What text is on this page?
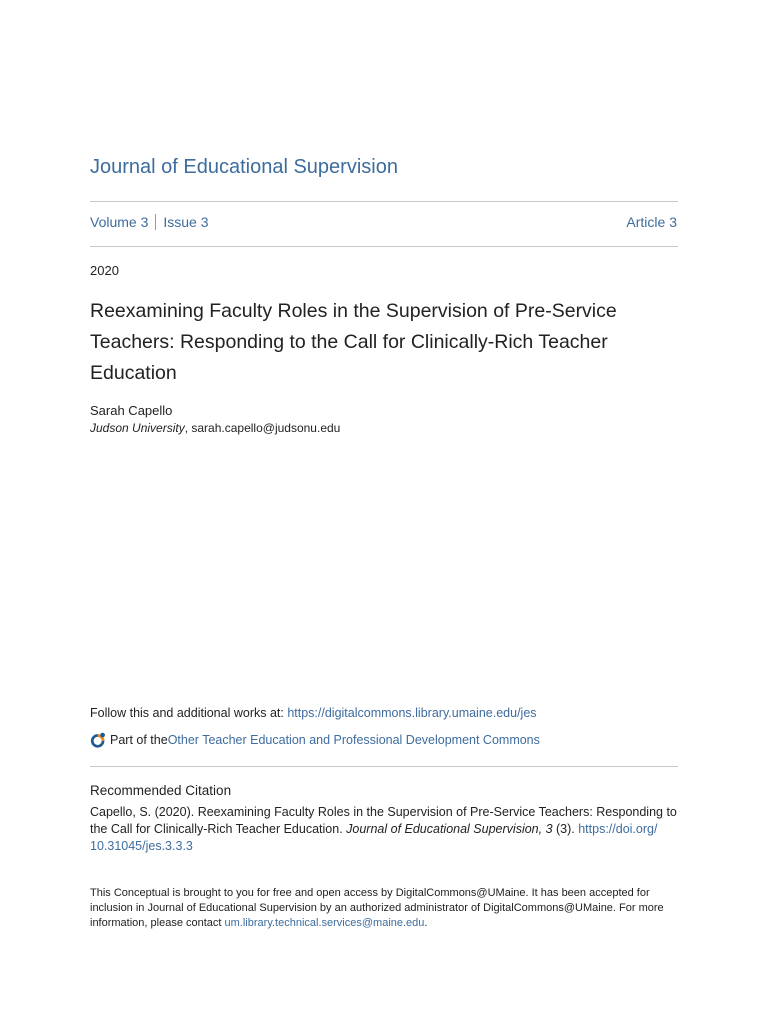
Journal of Educational Supervision
Volume 3 Issue 3	Article 3
2020
Reexamining Faculty Roles in the Supervision of Pre-Service Teachers: Responding to the Call for Clinically-Rich Teacher Education
Sarah Capello
Judson University, sarah.capello@judsonu.edu
Follow this and additional works at: https://digitalcommons.library.umaine.edu/jes
Part of the Other Teacher Education and Professional Development Commons
Recommended Citation
Capello, S. (2020). Reexamining Faculty Roles in the Supervision of Pre-Service Teachers: Responding to the Call for Clinically-Rich Teacher Education. Journal of Educational Supervision, 3 (3). https://doi.org/
10.31045/jes.3.3.3
This Conceptual is brought to you for free and open access by DigitalCommons@UMaine. It has been accepted for inclusion in Journal of Educational Supervision by an authorized administrator of DigitalCommons@UMaine. For more information, please contact um.library.technical.services@maine.edu.
